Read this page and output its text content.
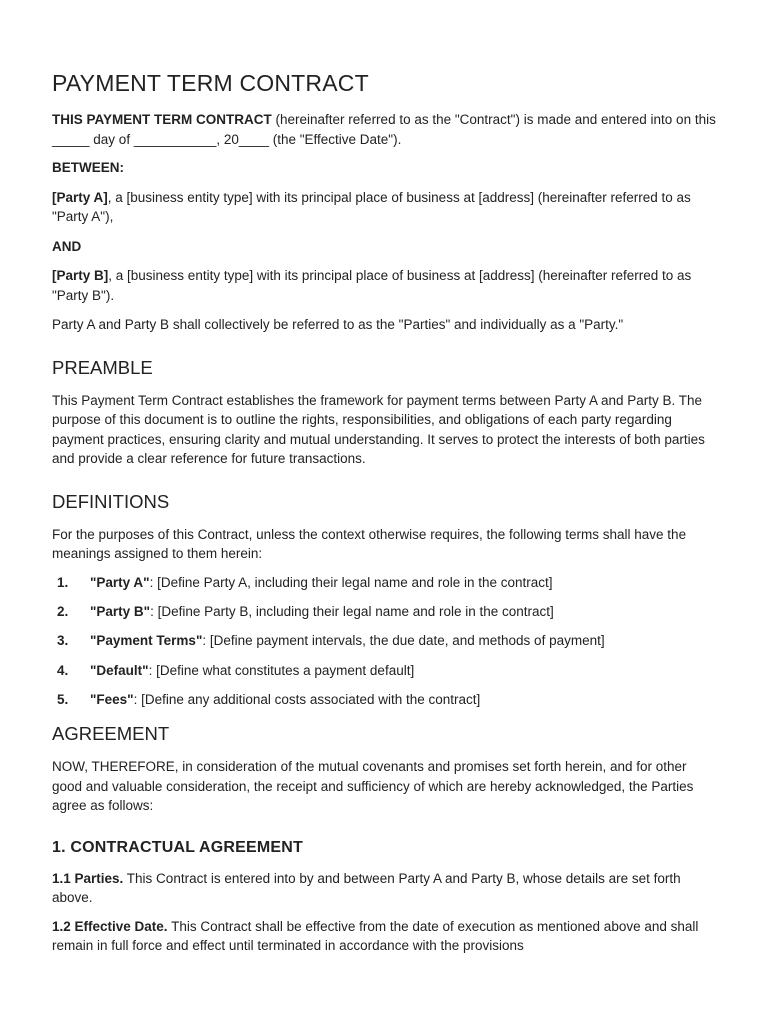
PAYMENT TERM CONTRACT

THIS PAYMENT TERM CONTRACT (hereinafter referred to as the "Contract") is made and entered into on this _____ day of ___________, 20____ (the "Effective Date").

BETWEEN:

[Party A], a [business entity type] with its principal place of business at [address] (hereinafter referred to as "Party A"),

AND

[Party B], a [business entity type] with its principal place of business at [address] (hereinafter referred to as "Party B").

Party A and Party B shall collectively be referred to as the "Parties" and individually as a "Party."

PREAMBLE

This Payment Term Contract establishes the framework for payment terms between Party A and Party B. The purpose of this document is to outline the rights, responsibilities, and obligations of each party regarding payment practices, ensuring clarity and mutual understanding. It serves to protect the interests of both parties and provide a clear reference for future transactions.

DEFINITIONS

For the purposes of this Contract, unless the context otherwise requires, the following terms shall have the meanings assigned to them herein:

1. "Party A": [Define Party A, including their legal name and role in the contract]
2. "Party B": [Define Party B, including their legal name and role in the contract]
3. "Payment Terms": [Define payment intervals, the due date, and methods of payment]
4. "Default": [Define what constitutes a payment default]
5. "Fees": [Define any additional costs associated with the contract]
AGREEMENT

NOW, THEREFORE, in consideration of the mutual covenants and promises set forth herein, and for other good and valuable consideration, the receipt and sufficiency of which are hereby acknowledged, the Parties agree as follows:

1. CONTRACTUAL AGREEMENT

1.1 Parties. This Contract is entered into by and between Party A and Party B, whose details are set forth above.

1.2 Effective Date. This Contract shall be effective from the date of execution as mentioned above and shall remain in full force and effect until terminated in accordance with the provisions
